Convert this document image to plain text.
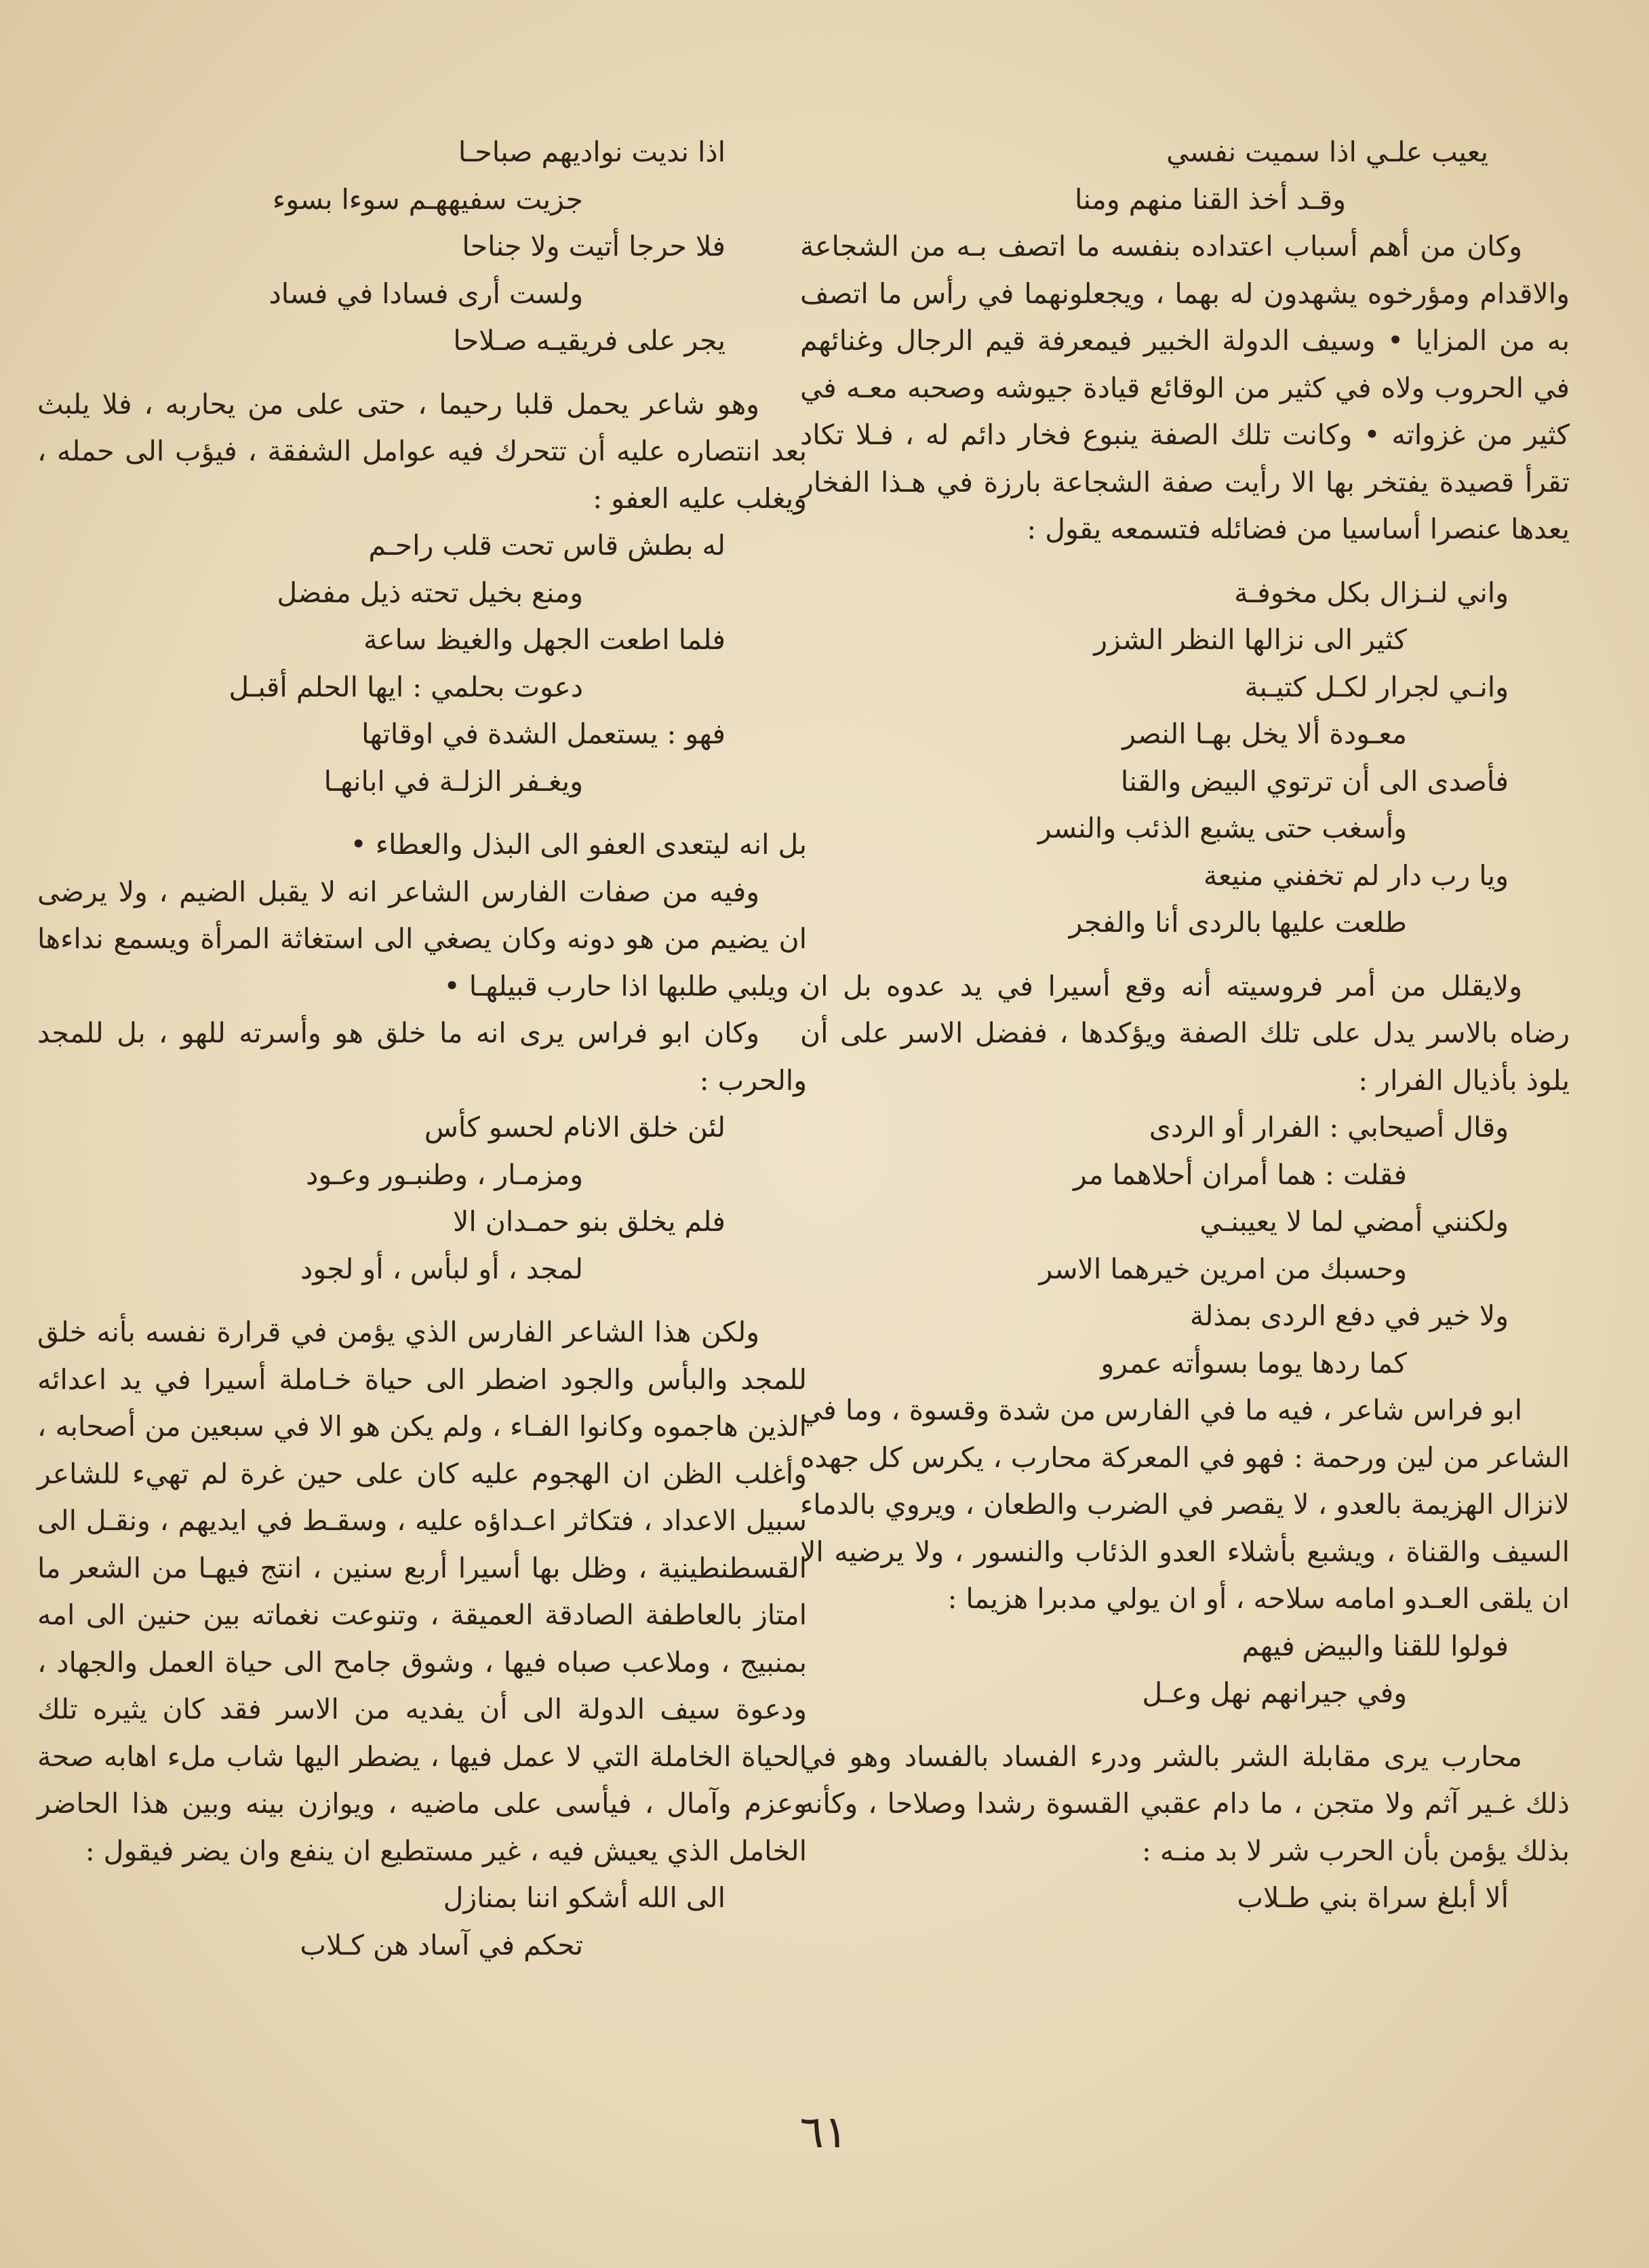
يعيب علـي اذا سميت نفسي

وقـد أخذ القنا منهم ومنا

وكان من أهم أسباب اعتداده بنفسه ما اتصف بـه من الشجاعة والاقدام ومؤرخوه يشهدون له بهما ، ويجعلونهما في رأس ما اتصف به من المزايا • وسيف الدولة الخبير فيمعرفة قيم الرجال وغنائهم في الحروب ولاه في كثير من الوقائع قيادة جيوشه وصحبه معـه في كثير من غزواته • وكانت تلك الصفة ينبوع فخار دائم له ، فـلا تكاد تقرأ قصيدة يفتخر بها الا رأيت صفة الشجاعة بارزة في هـذا الفخار يعدها عنصرا أساسيا من فضائله فتسمعه يقول :

واني لنـزال بكل مخوفـة

كثير الى نزالها النظر الشزر

وانـي لجرار لكـل كتيـبة

معـودة ألا يخل بهـا النصر

فأصدى الى أن ترتوي البيض والقنا

وأسغب حتى يشبع الذئب والنسر

ويا رب دار لم تخفني منيعة

طلعت عليها بالردى أنا والفجر

ولايقلل من أمر فروسيته أنه وقع أسيرا في يد عدوه بل ان رضاه بالاسر يدل على تلك الصفة ويؤكدها ، ففضل الاسر على أن يلوذ بأذيال الفرار :

وقال أصيحابي : الفرار أو الردى

فقلت : هما أمران أحلاهما مر

ولكنني أمضي لما لا يعيبنـي

وحسبك من امرين خيرهما الاسر

ولا خير في دفع الردى بمذلة

كما ردها يوما بسوأته عمرو

ابو فراس شاعر ، فيه ما في الفارس من شدة وقسوة ، وما في الشاعر من لين ورحمة : فهو في المعركة محارب ، يكرس كل جهده لانزال الهزيمة بالعدو ، لا يقصر في الضرب والطعان ، ويروي بالدماء السيف والقناة ، ويشبع بأشلاء العدو الذئاب والنسور ، ولا يرضيه الا ان يلقى العـدو امامه سلاحه ، أو ان يولي مدبرا هزيما :

فولوا للقنا والبيض فيهم

وفي جيرانهم نهل وعـل

محارب يرى مقابلة الشر بالشر ودرء الفساد بالفساد وهو في ذلك غـير آثم ولا متجن ، ما دام عقبي القسوة رشدا وصلاحا ، وكأنه بذلك يؤمن بأن الحرب شر لا بد منـه :

ألا أبلغ سراة بني طـلاب

اذا نديت نواديهم صباحـا

جزيت سفيههـم سوءا بسوء

فلا حرجا أتيت ولا جناحا

ولست أرى فسادا في فساد

يجر على فريقيـه صـلاحا

وهو شاعر يحمل قلبا رحيما ، حتى على من يحاربه ، فلا يلبث بعد انتصاره عليه أن تتحرك فيه عوامل الشفقة ، فيؤب الى حمله ، ويغلب عليه العفو :

له بطش قاس تحت قلب راحـم

ومنع بخيل تحته ذيل مفضل

فلما اطعت الجهل والغيظ ساعة

دعوت بحلمي : ايها الحلم أقبـل

فهو : يستعمل الشدة في اوقاتها

ويغـفر الزلـة في ابانهـا

بل انه ليتعدى العفو الى البذل والعطاء •

وفيه من صفات الفارس الشاعر انه لا يقبل الضيم ، ولا يرضى ان يضيم من هو دونه وكان يصغي الى استغاثة المرأة ويسمع نداءها ، ويلبي طلبها اذا حارب قبيلهـا •

وكان ابو فراس يرى انه ما خلق هو وأسرته للهو ، بل للمجد والحرب :

لئن خلق الانام لحسو كأس

ومزمـار ، وطنبـور وعـود

فلم يخلق بنو حمـدان الا

لمجد ، أو لبأس ، أو لجود

ولكن هذا الشاعر الفارس الذي يؤمن في قرارة نفسه بأنه خلق للمجد والبأس والجود اضطر الى حياة خـاملة أسيرا في يد اعدائه الذين هاجموه وكانوا الفـاء ، ولم يكن هو الا في سبعين من أصحابه ، وأغلب الظن ان الهجوم عليه كان على حين غرة لم تهيء للشاعر سبيل الاعداد ، فتكاثر اعـداؤه عليه ، وسقـط في ايديهم ، ونقـل الى القسطنطينية ، وظل بها أسيرا أربع سنين ، انتج فيهـا من الشعر ما امتاز بالعاطفة الصادقة العميقة ، وتنوعت نغماته بين حنين الى امه بمنبيج ، وملاعب صباه فيها ، وشوق جامح الى حياة العمل والجهاد ، ودعوة سيف الدولة الى أن يفديه من الاسر فقد كان يثيره تلك الحياة الخاملة التي لا عمل فيها ، يضطر اليها شاب ملء اهابه صحة وعزم وآمال ، فيأسى على ماضيه ، ويوازن بينه وبين هذا الحاضر الخامل الذي يعيش فيه ، غير مستطيع ان ينفع وان يضر فيقول :

الى الله أشكو اننا بمنازل

تحكم في آساد هن كـلاب

٦١
